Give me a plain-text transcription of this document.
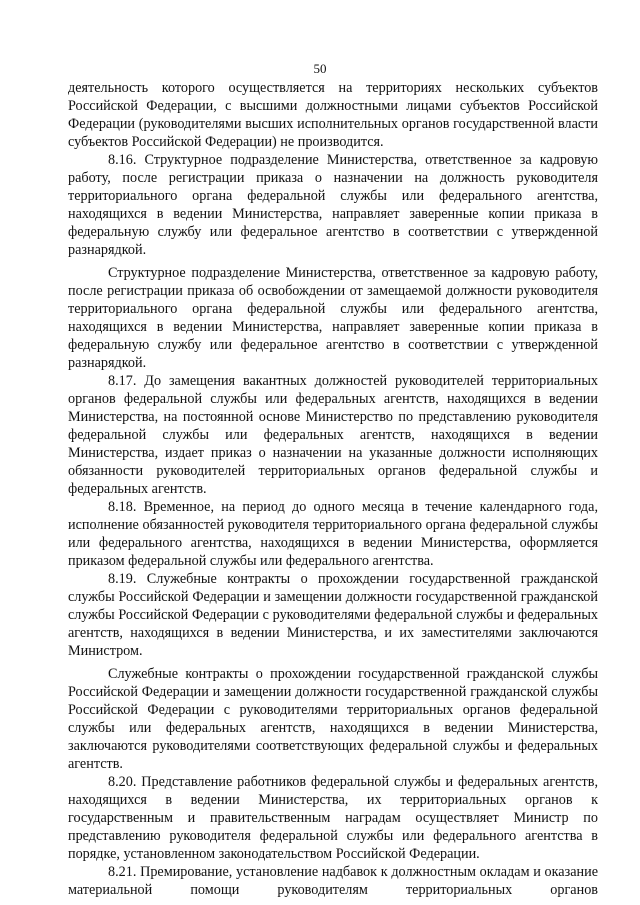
50

деятельность которого осуществляется на территориях нескольких субъектов Российской Федерации, с высшими должностными лицами субъектов Российской Федерации (руководителями высших исполнительных органов государственной власти субъектов Российской Федерации) не производится.

8.16. Структурное подразделение Министерства, ответственное за кадровую работу, после регистрации приказа о назначении на должность руководителя территориального органа федеральной службы или федерального агентства, находящихся в ведении Министерства, направляет заверенные копии приказа в федеральную службу или федеральное агентство в соответствии с утвержденной разнарядкой.

Структурное подразделение Министерства, ответственное за кадровую работу, после регистрации приказа об освобождении от замещаемой должности руководителя территориального органа федеральной службы или федерального агентства, находящихся в ведении Министерства, направляет заверенные копии приказа в федеральную службу или федеральное агентство в соответствии с утвержденной разнарядкой.

8.17. До замещения вакантных должностей руководителей территориальных органов федеральной службы или федеральных агентств, находящихся в ведении Министерства, на постоянной основе Министерство по представлению руководителя федеральной службы или федеральных агентств, находящихся в ведении Министерства, издает приказ о назначении на указанные должности исполняющих обязанности руководителей территориальных органов федеральной службы и федеральных агентств.

8.18. Временное, на период до одного месяца в течение календарного года, исполнение обязанностей руководителя территориального органа федеральной службы или федерального агентства, находящихся в ведении Министерства, оформляется приказом федеральной службы или федерального агентства.

8.19. Служебные контракты о прохождении государственной гражданской службы Российской Федерации и замещении должности государственной гражданской службы Российской Федерации с руководителями федеральной службы и федеральных агентств, находящихся в ведении Министерства, и их заместителями заключаются Министром.

Служебные контракты о прохождении государственной гражданской службы Российской Федерации и замещении должности государственной гражданской службы Российской Федерации с руководителями территориальных органов федеральной службы или федеральных агентств, находящихся в ведении Министерства, заключаются руководителями соответствующих федеральной службы и федеральных агентств.

8.20. Представление работников федеральной службы и федеральных агентств, находящихся в ведении Министерства, их территориальных органов к государственным и правительственным наградам осуществляет Министр по представлению руководителя федеральной службы или федерального агентства в порядке, установленном законодательством Российской Федерации.

8.21. Премирование, установление надбавок к должностным окладам и оказание материальной помощи руководителям территориальных органов
